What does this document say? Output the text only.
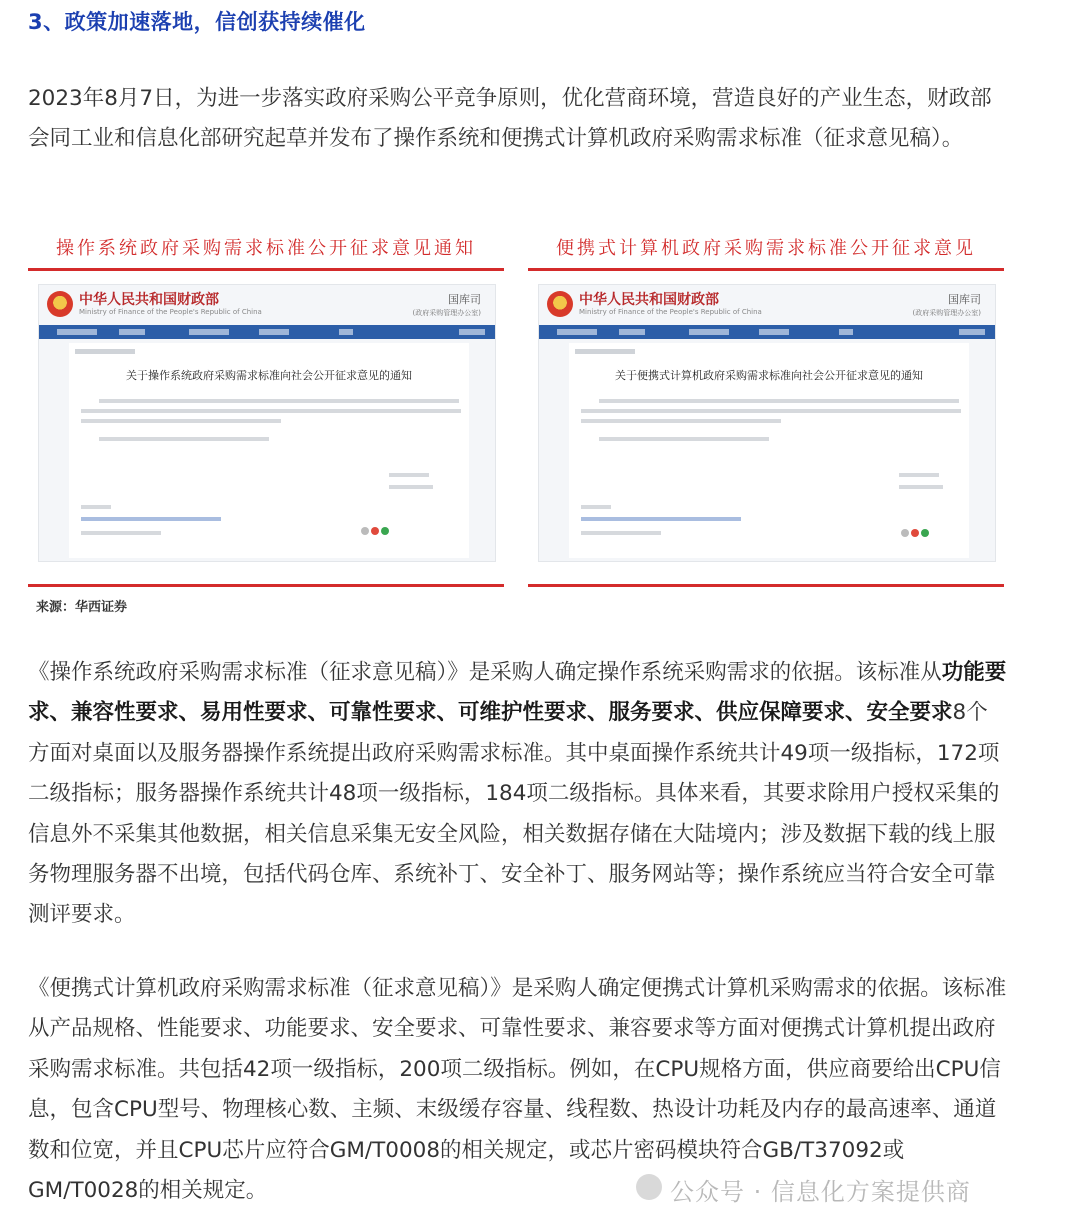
3、政策加速落地，信创获持续催化

2023年8月7日，为进一步落实政府采购公平竞争原则，优化营商环境，营造良好的产业生态，财政部会同工业和信息化部研究起草并发布了操作系统和便携式计算机政府采购需求标准（征求意见稿）。

操作系统政府采购需求标准公开征求意见通知
中华人民共和国财政部
Ministry of Finance of the People's Republic of China
国库司
(政府采购管理办公室)
关于操作系统政府采购需求标准向社会公开征求意见的通知
便携式计算机政府采购需求标准公开征求意见
中华人民共和国财政部
Ministry of Finance of the People's Republic of China
国库司
(政府采购管理办公室)
关于便携式计算机政府采购需求标准向社会公开征求意见的通知
来源：华西证券

《操作系统政府采购需求标准（征求意见稿）》是采购人确定操作系统采购需求的依据。该标准从功能要求、兼容性要求、易用性要求、可靠性要求、可维护性要求、服务要求、供应保障要求、安全要求8个方面对桌面以及服务器操作系统提出政府采购需求标准。其中桌面操作系统共计49项一级指标，172项二级指标；服务器操作系统共计48项一级指标，184项二级指标。具体来看，其要求除用户授权采集的信息外不采集其他数据，相关信息采集无安全风险，相关数据存储在大陆境内；涉及数据下载的线上服务物理服务器不出境，包括代码仓库、系统补丁、安全补丁、服务网站等；操作系统应当符合安全可靠测评要求。

《便携式计算机政府采购需求标准（征求意见稿）》是采购人确定便携式计算机采购需求的依据。该标准从产品规格、性能要求、功能要求、安全要求、可靠性要求、兼容要求等方面对便携式计算机提出政府采购需求标准。共包括42项一级指标，200项二级指标。例如，在CPU规格方面，供应商要给出CPU信息，包含CPU型号、物理核心数、主频、末级缓存容量、线程数、热设计功耗及内存的最高速率、通道数和位宽，并且CPU芯片应符合GM/T0008的相关规定，或芯片密码模块符合GB/T37092或GM/T0028的相关规定。	公众号 · 信息化方案提供商
